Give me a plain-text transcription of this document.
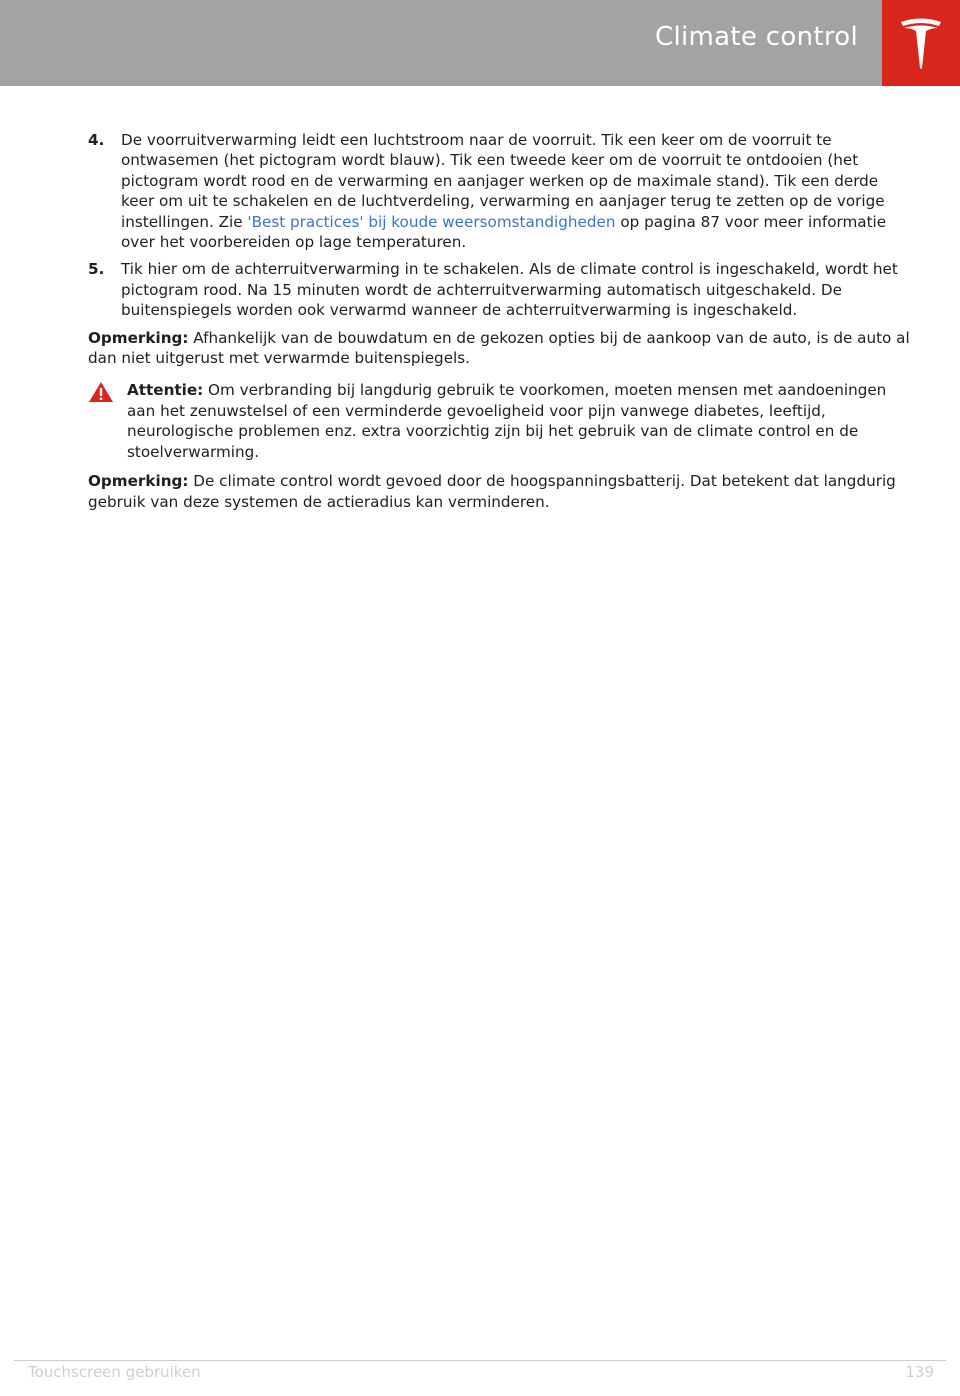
Climate control
4. De voorruitverwarming leidt een luchtstroom naar de voorruit. Tik een keer om de voorruit te ontwasemen (het pictogram wordt blauw). Tik een tweede keer om de voorruit te ontdooien (het pictogram wordt rood en de verwarming en aanjager werken op de maximale stand). Tik een derde keer om uit te schakelen en de luchtverdeling, verwarming en aanjager terug te zetten op de vorige instellingen. Zie 'Best practices' bij koude weersomstandigheden op pagina 87 voor meer informatie over het voorbereiden op lage temperaturen.
5. Tik hier om de achterruitverwarming in te schakelen. Als de climate control is ingeschakeld, wordt het pictogram rood. Na 15 minuten wordt de achterruitverwarming automatisch uitgeschakeld. De buitenspiegels worden ook verwarmd wanneer de achterruitverwarming is ingeschakeld.

Opmerking: Afhankelijk van de bouwdatum en de gekozen opties bij de aankoop van de auto, is de auto al dan niet uitgerust met verwarmde buitenspiegels.

Attentie: Om verbranding bij langdurig gebruik te voorkomen, moeten mensen met aandoeningen aan het zenuwstelsel of een verminderde gevoeligheid voor pijn vanwege diabetes, leeftijd, neurologische problemen enz. extra voorzichtig zijn bij het gebruik van de climate control en de stoelverwarming.

Opmerking: De climate control wordt gevoed door de hoogspanningsbatterij. Dat betekent dat langdurig gebruik van deze systemen de actieradius kan verminderen.

Touchscreen gebruiken	139
